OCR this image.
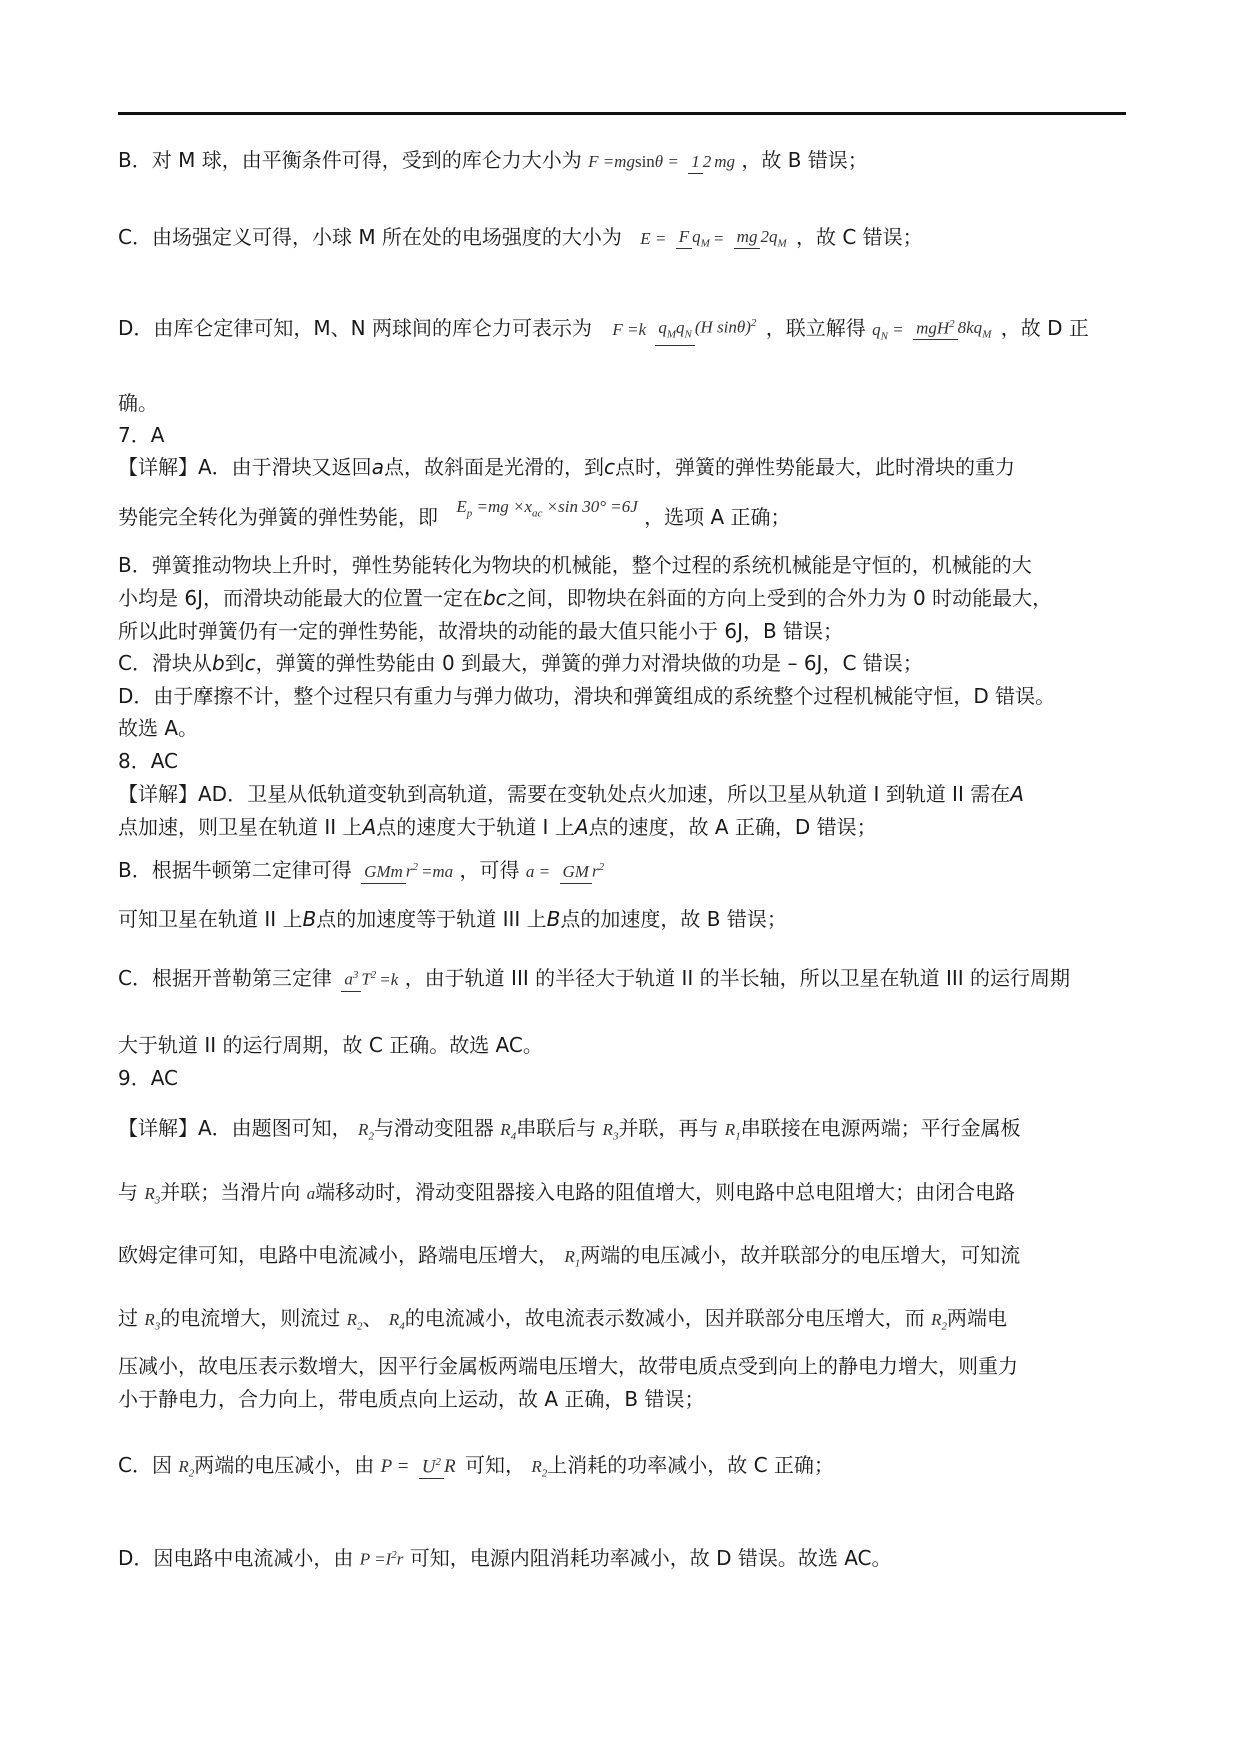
B．对 M 球，由平衡条件可得，受到的库仑力大小为 F =mgsinθ = 1 2 mg ，故 B 错误；
C．由场强定义可得，小球 M 所在处的电场强度的大小为 E = F $q_M$ = mg $2q_M$ ，故 C 错误；
D．由库仑定律可知，M、N 两球间的库仑力可表示为 F =k $q_Mq_N$ (H sinθ)$^2$ ，联立解得 $q_N = mgH^2$ $8kq_M$ ，故 D 正
确。
7．A
【详解】A．由于滑块又返回a点，故斜面是光滑的，到c点时，弹簧的弹性势能最大，此时滑块的重力
势能完全转化为弹簧的弹性势能，即 $E_p =mg \times x_{ac} \times\sin$ 30° =6J ，选项 A 正确；
B．弹簧推动物块上升时，弹性势能转化为物块的机械能，整个过程的系统机械能是守恒的，机械能的大
小均是 6J，而滑块动能最大的位置一定在bc之间，即物块在斜面的方向上受到的合外力为 0 时动能最大，
所以此时弹簧仍有一定的弹性势能，故滑块的动能的最大值只能小于 6J，B 错误；
C．滑块从b到c，弹簧的弹性势能由 0 到最大，弹簧的弹力对滑块做的功是 – 6J，C 错误；
D．由于摩擦不计，整个过程只有重力与弹力做功，滑块和弹簧组成的系统整个过程机械能守恒，D 错误。
故选 A。
8．AC
【详解】AD．卫星从低轨道变轨到高轨道，需要在变轨处点火加速，所以卫星从轨道 I 到轨道 II 需在A
点加速，则卫星在轨道 II 上A点的速度大于轨道 I 上A点的速度，故 A 正确，D 错误；
B．根据牛顿第二定律可得 GMm $r^2 =ma$ ，可得 a = GM $r^2$
可知卫星在轨道 II 上B点的加速度等于轨道 III 上B点的加速度，故 B 错误；
C．根据开普勒第三定律 $a^3$ $T^2 =k$ ，由于轨道 III 的半径大于轨道 II 的半长轴，所以卫星在轨道 III 的运行周期
大于轨道 II 的运行周期，故 C 正确。故选 AC。
9．AC
【详解】A．由题图可知， $R_2$与滑动变阻器 $R_4$串联后与 $R_3$并联，再与 $R_1$串联接在电源两端；平行金属板
与 $R_3$并联；当滑片向 a端移动时，滑动变阻器接入电路的阻值增大，则电路中总电阻增大；由闭合电路
欧姆定律可知，电路中电流减小，路端电压增大， $R_1$两端的电压减小，故并联部分的电压增大，可知流
过 $R_3$的电流增大，则流过 $R_2$、 $R_4$的电流减小，故电流表示数减小，因并联部分电压增大，而 $R_2$两端电
压减小，故电压表示数增大，因平行金属板两端电压增大，故带电质点受到向上的静电力增大，则重力
小于静电力，合力向上，带电质点向上运动，故 A 正确，B 错误；
C．因 $R_2$两端的电压减小，由 $P = U^2$ R 可知， $R_2$上消耗的功率减小，故 C 正确；
D．因电路中电流减小，由 $P =I^2r$ 可知，电源内阻消耗功率减小，故 D 错误。故选 AC。
